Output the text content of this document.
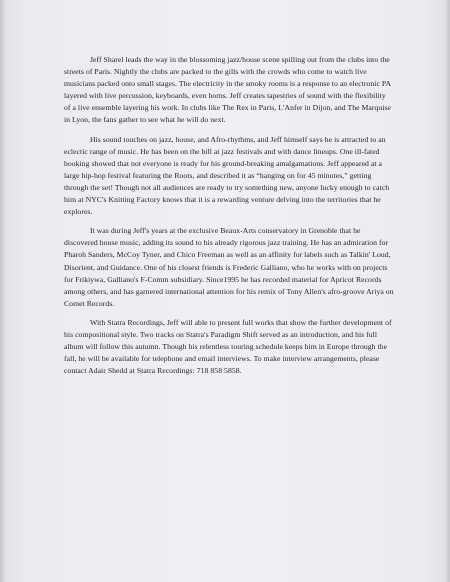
Jeff Sharel leads the way in the blossoming jazz/house scene spilling out from the clubs into the streets of Paris. Nightly the clubs are packed to the gills with the crowds who come to watch live musicians packed onto small stages. The electricity in the smoky rooms is a response to an electronic PA layered with live percussion, keyboards, even horns. Jeff creates tapestries of sound with the flexibility of a live ensemble layering his work. In clubs like The Rex in Paris, L'Anfer in Dijon, and The Marquise in Lyon, the fans gather to see what he will do next.

His sound touches on jazz, house, and Afro-rhythms, and Jeff himself says he is attracted to an eclectic range of music. He has been on the bill at jazz festivals and with dance lineups. One ill-fated booking showed that not everyone is ready for his ground-breaking amalgamations. Jeff appeared at a large hip-hop festival featuring the Roots, and described it as “hanging on for 45 minutes,” getting through the set! Though not all audiences are ready to try something new, anyone lucky enough to catch him at NYC's Knitting Factory knows that it is a rewarding venture delving into the territories that he explores.

It was during Jeff's years at the exclusive Beaux-Arts conservatory in Grenoble that he discovered house music, adding its sound to his already rigorous jazz training. He has an admiration for Pharoh Sanders, McCoy Tyner, and Chico Freeman as well as an affinity for labels such as Talkin' Loud, Disorient, and Guidance. One of his closest friends is Frederic Galliano, who he works with on projects for Frikiywa, Galliano's F-Comm subsidiary. Since1995 he has recorded material for Apricot Records among others, and has garnered international attention for his remix of Tony Allen's afro-groove Ariya on Comet Records.

With Statra Recordings, Jeff will able to present full works that show the further development of his compositional style. Two tracks on Statra's Paradigm Shift served as an introduction, and his full album will follow this autumn. Though his relentless touring schedule keeps him in Europe through the fall, he will be available for telephone and email interviews. To make interview arrangements, please contact Adair Shedd at Statra Recordings: 718 858 5858.
